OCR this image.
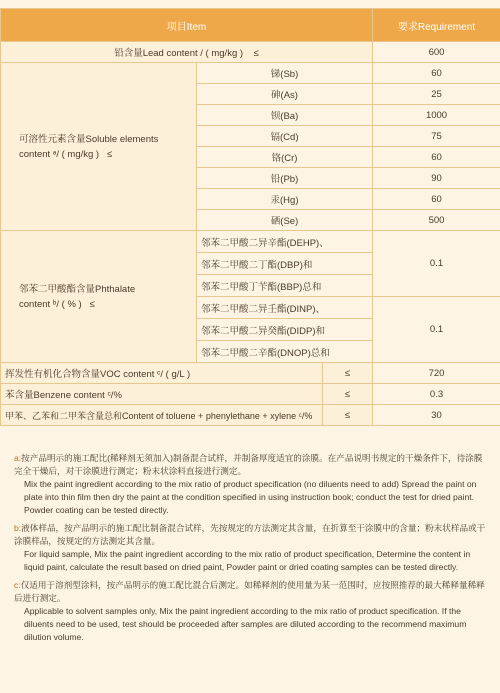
项目Item			要求Requirement
铅含量Lead content / ( mg/kg ) ≤			600

可溶性元素含量Soluble elements
content ᵃ/ ( mg/kg ) ≤	锑(Sb)		60
	砷(As)		25
	钡(Ba)		1000
	镉(Cd)		75
	铬(Cr)		60
	铅(Pb)		90
	汞(Hg)		60
	硒(Se)		500

邻苯二甲酸酯含量Phthalate
content ᵇ/ ( % ) ≤	邻苯二甲酸二异辛酯(DEHP)、		0.1
	邻苯二甲酸二丁酯(DBP)和		
	邻苯二甲酸丁苄酯(BBP)总和		
	邻苯二甲酸二异壬酯(DINP)、		0.1
	邻苯二甲酸二异癸酯(DIDP)和		
	邻苯二甲酸二辛酯(DNOP)总和		
挥发性有机化合物含量VOC content ᶜ/ ( g/L )		≤	720
苯含量Benzene content ᶜ/%		≤	0.3
甲苯、乙苯和二甲苯含量总和Content of toluene + phenylethane + xylene ᶜ/%		≤	30
a:按产品明示的施工配比(稀释剂无须加入)制备混合试样，并制备厚度适宜的涂膜。在产品说明书规定的干燥条件下，待涂膜完全干燥后，对干涂膜进行测定；粉末状涂料直接进行测定。
Mix the paint ingredient according to the mix ratio of product specification (no diluents need to add) Spread the paint on plate into thin film then dry the paint at the condition specified in using instruction book; conduct the test for dried paint. Powder coating can be tested directly.
b:液体样品，按产品明示的施工配比制备混合试样，先按规定的方法测定其含量，在折算至干涂膜中的含量；粉末状样品或干涂膜样品，按规定的方法测定其含量。
For liquid sample, Mix the paint ingredient according to the mix ratio of product specification, Determine the content in liquid paint, calculate the result based on dried paint, Powder paint or dried coating samples can be tested directly.
c:仅适用于溶剂型涂料，按产品明示的施工配比混合后测定。如稀释剂的使用量为某一范围时，应按照推荐的最大稀释量稀释后进行测定。
Applicable to solvent samples only, Mix the paint ingredient according to the mix ratio of product specification. If the diluents need to be used, test should be proceeded after samples are diluted according to the recommend maximum dilution volume.
